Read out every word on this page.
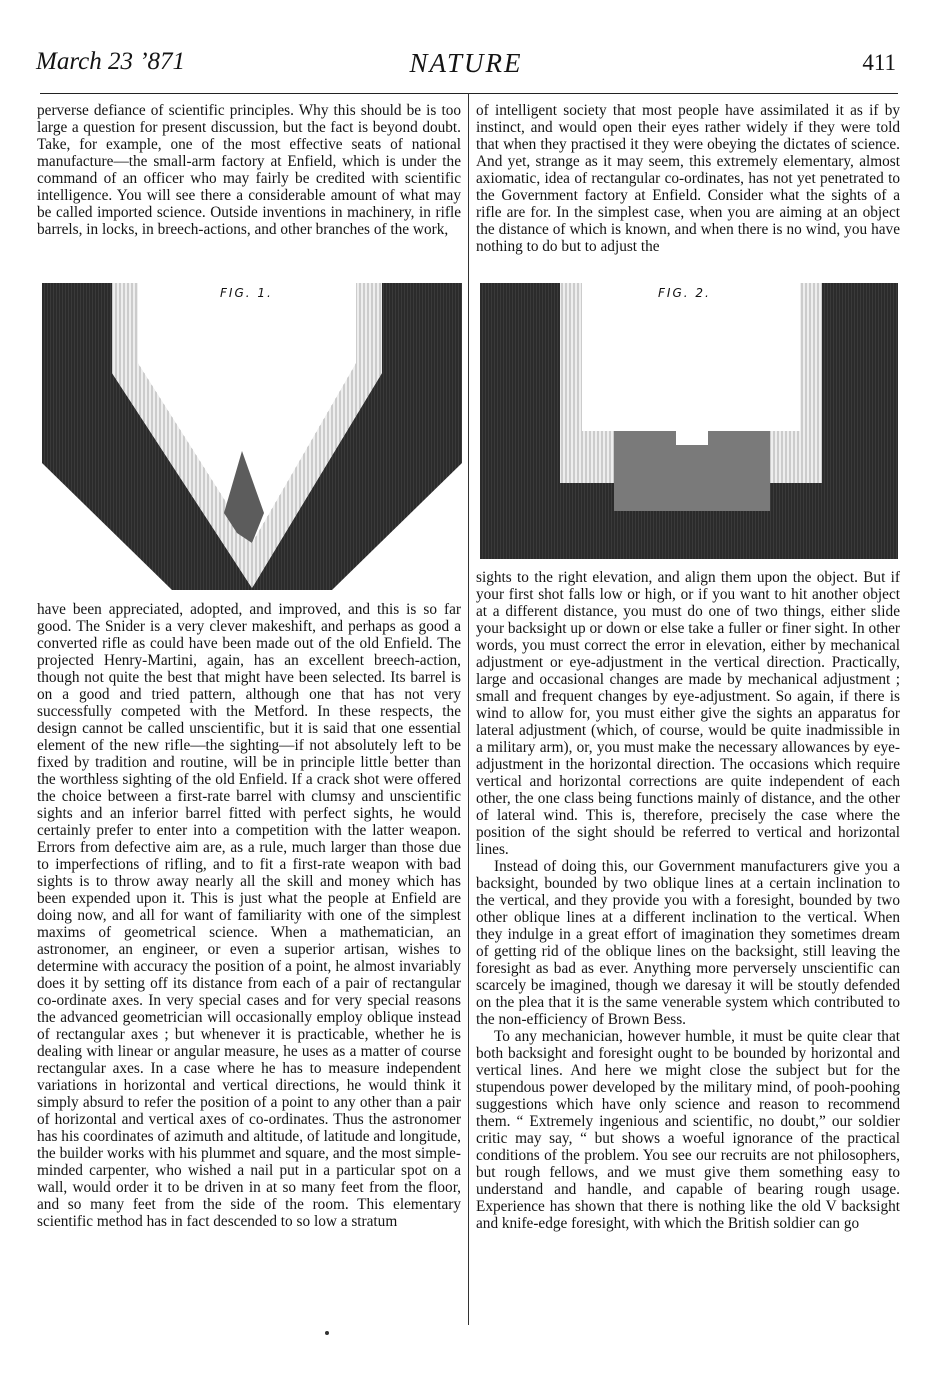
March 23 ’871	NATURE	411

perverse defiance of scientific principles. Why this should be is too large a question for present discussion, but the fact is beyond doubt. Take, for example, one of the most effective seats of national manufacture—the small-arm factory at Enfield, which is under the command of an officer who may fairly be credited with scientific intelligence. You will see there a considerable amount of what may be called imported science. Outside inventions in machinery, in rifle barrels, in locks, in breech-actions, and other branches of the work,

of intelligent society that most people have assimilated it as if by instinct, and would open their eyes rather widely if they were told that when they practised it they were obeying the dictates of science. And yet, strange as it may seem, this extremely elementary, almost axiomatic, idea of rectangular co-ordinates, has not yet penetrated to the Government factory at Enfield. Consider what the sights of a rifle are for. In the simplest case, when you are aiming at an object the distance of which is known, and when there is no wind, you have nothing to do but to adjust the

FIG. 1.	FIG. 2.

have been appreciated, adopted, and improved, and this is so far good. The Snider is a very clever makeshift, and perhaps as good a converted rifle as could have been made out of the old Enfield. The projected Henry-Martini, again, has an excellent breech-action, though not quite the best that might have been selected. Its barrel is on a good and tried pattern, although one that has not very successfully competed with the Metford. In these respects, the design cannot be called unscientific, but it is said that one essential element of the new rifle—the sighting—if not absolutely left to be fixed by tradition and routine, will be in principle little better than the worthless sighting of the old Enfield. If a crack shot were offered the choice between a first-rate barrel with clumsy and unscientific sights and an inferior barrel fitted with perfect sights, he would certainly prefer to enter into a competition with the latter weapon. Errors from defective aim are, as a rule, much larger than those due to imperfections of rifling, and to fit a first-rate weapon with bad sights is to throw away nearly all the skill and money which has been expended upon it. This is just what the people at Enfield are doing now, and all for want of familiarity with one of the simplest maxims of geometrical science. When a mathematician, an astronomer, an engineer, or even a superior artisan, wishes to determine with accuracy the position of a point, he almost invariably does it by setting off its distance from each of a pair of rectangular co-ordinate axes. In very special cases and for very special reasons the advanced geometrician will occasionally employ oblique instead of rectangular axes ; but whenever it is practicable, whether he is dealing with linear or angular measure, he uses as a matter of course rectangular axes. In a case where he has to measure independent variations in horizontal and vertical directions, he would think it simply absurd to refer the position of a point to any other than a pair of horizontal and vertical axes of co-ordinates. Thus the astronomer has his coordinates of azimuth and altitude, of latitude and longitude, the builder works with his plummet and square, and the most simple-minded carpenter, who wished a nail put in a particular spot on a wall, would order it to be driven in at so many feet from the floor, and so many feet from the side of the room. This elementary scientific method has in fact descended to so low a stratum

sights to the right elevation, and align them upon the object. But if your first shot falls low or high, or if you want to hit another object at a different distance, you must do one of two things, either slide your backsight up or down or else take a fuller or finer sight. In other words, you must correct the error in elevation, either by mechanical adjustment or eye-adjustment in the vertical direction. Practically, large and occasional changes are made by mechanical adjustment ; small and frequent changes by eye-adjustment. So again, if there is wind to allow for, you must either give the sights an apparatus for lateral adjustment (which, of course, would be quite inadmissible in a military arm), or, you must make the necessary allowances by eye-adjustment in the horizontal direction. The occasions which require vertical and horizontal corrections are quite independent of each other, the one class being functions mainly of distance, and the other of lateral wind. This is, therefore, precisely the case where the position of the sight should be referred to vertical and horizontal lines.

Instead of doing this, our Government manufacturers give you a backsight, bounded by two oblique lines at a certain inclination to the vertical, and they provide you with a foresight, bounded by two other oblique lines at a different inclination to the vertical. When they indulge in a great effort of imagination they sometimes dream of getting rid of the oblique lines on the backsight, still leaving the foresight as bad as ever. Anything more perversely unscientific can scarcely be imagined, though we daresay it will be stoutly defended on the plea that it is the same venerable system which contributed to the non-efficiency of Brown Bess.

To any mechanician, however humble, it must be quite clear that both backsight and foresight ought to be bounded by horizontal and vertical lines. And here we might close the subject but for the stupendous power developed by the military mind, of pooh-poohing suggestions which have only science and reason to recommend them. “ Extremely ingenious and scientific, no doubt,” our soldier critic may say, “ but shows a woeful ignorance of the practical conditions of the problem. You see our recruits are not philosophers, but rough fellows, and we must give them something easy to understand and handle, and capable of bearing rough usage. Experience has shown that there is nothing like the old V backsight and knife-edge foresight, with which the British soldier can go
